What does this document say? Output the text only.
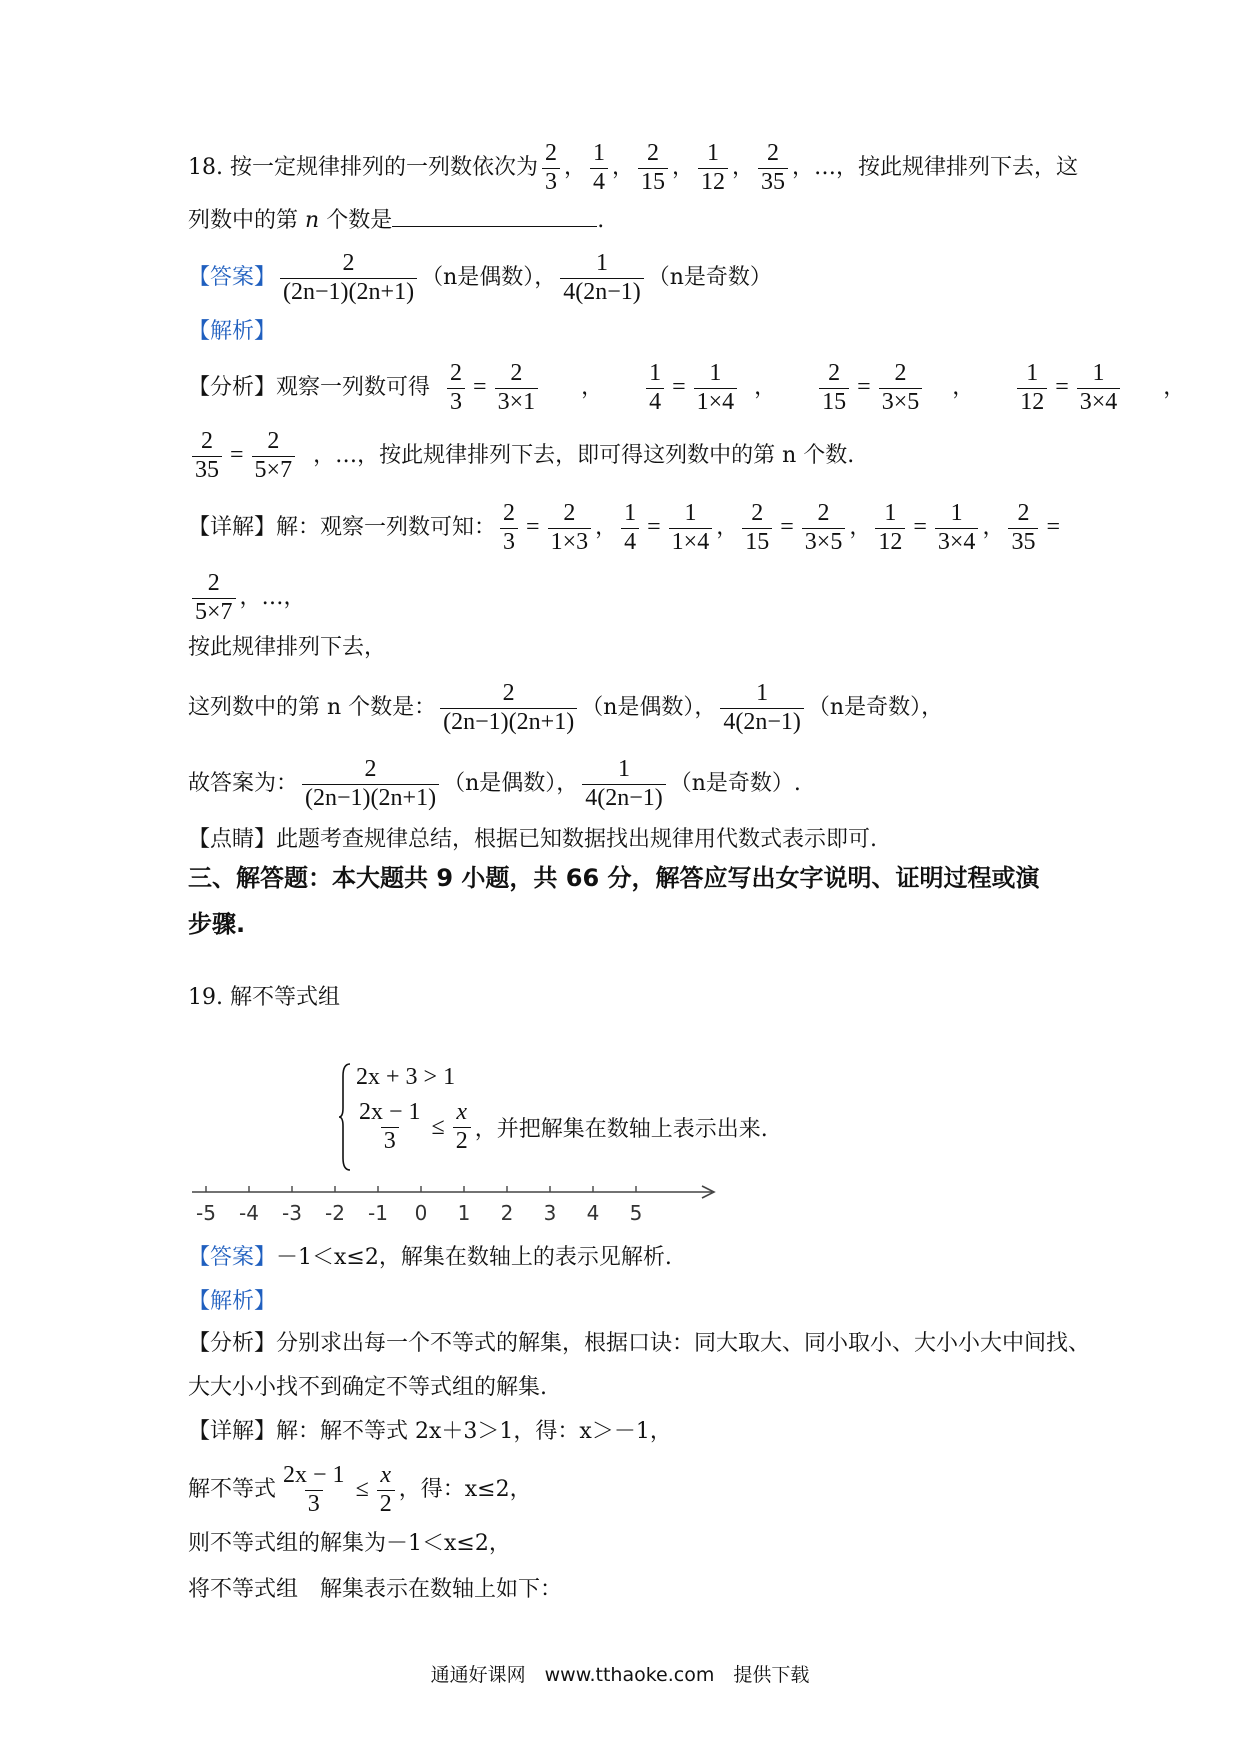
18. 按一定规律排列的一列数依次为 $\frac{2}{3}$ ， $\frac{1}{4}$ ， $\frac{2}{15}$ ， $\frac{1}{12}$ ， $\frac{2}{35}$ ，…，按此规律排列下去，这
列数中的第 n 个数是	.
【答案】 $\frac{2}{(2n-1)(2n+1)} (n$是偶数）， $\frac{1}{4(2n-1)} (n$是奇数）
【解析】
【分析】观察一列数可得 $\frac{2}{3} = \frac{2}{3\times 1}$ ， $\frac{1}{4} = \frac{1}{1\times 4}$ ， $\frac{2}{15} = \frac{2}{3\times 5}$ ， $\frac{1}{12} = \frac{1}{3\times 4}$ ，
$\frac{2}{35} = \frac{2}{5\times 7}$ ，…，按此规律排列下去，即可得这列数中的第 n 个数.
【详解】解：观察一列数可知： $\frac{2}{3} = \frac{2}{1\times 3}$ ， $\frac{1}{4} = \frac{1}{1\times 4}$ ， $\frac{2}{15} = \frac{2}{3\times 5}$ ， $\frac{1}{12} = \frac{1}{3\times 4}$ ， $\frac{2}{35}$ =
$\frac{2}{5\times 7}$ ，…，
按此规律排列下去，
这列数中的第 n 个数是： $\frac{2}{(2n-1)(2n+1)} (n$是偶数）， $\frac{1}{4(2n-1)} (n$是奇数），
故答案为： $\frac{2}{(2n-1)(2n+1)} (n$是偶数）， $\frac{1}{4(2n-1)} (n$是奇数）.
【点睛】此题考查规律总结，根据已知数据找出规律用代数式表示即可.
三、解答题：本大题共 9 小题，共 66 分，解答应写出女字说明、证明过程或演
步骤.
19. 解不等式组
2x + 3 > 1
$\frac{2x - 1}{3} \le \frac{x}{2}$ ，并把解集在数轴上表示出来.
-5 -4 -3 -2 -1 0 1 2 3 4 5
【答案】－1＜x≤2，解集在数轴上的表示见解析.
【解析】
【分析】分别求出每一个不等式的解集，根据口诀：同大取大、同小取小、大小小大中间找、
大大小小找不到确定不等式组的解集.
【详解】解：解不等式 2x＋3＞1，得：x＞－1，
解不等式 $\frac{2x - 1}{3} \le \frac{x}{2}$ ，得：x≤2，
则不等式组的解集为－1＜x≤2，
将不等式组　解集表示在数轴上如下：
通通好课网　www.tthaoke.com　提供下载
